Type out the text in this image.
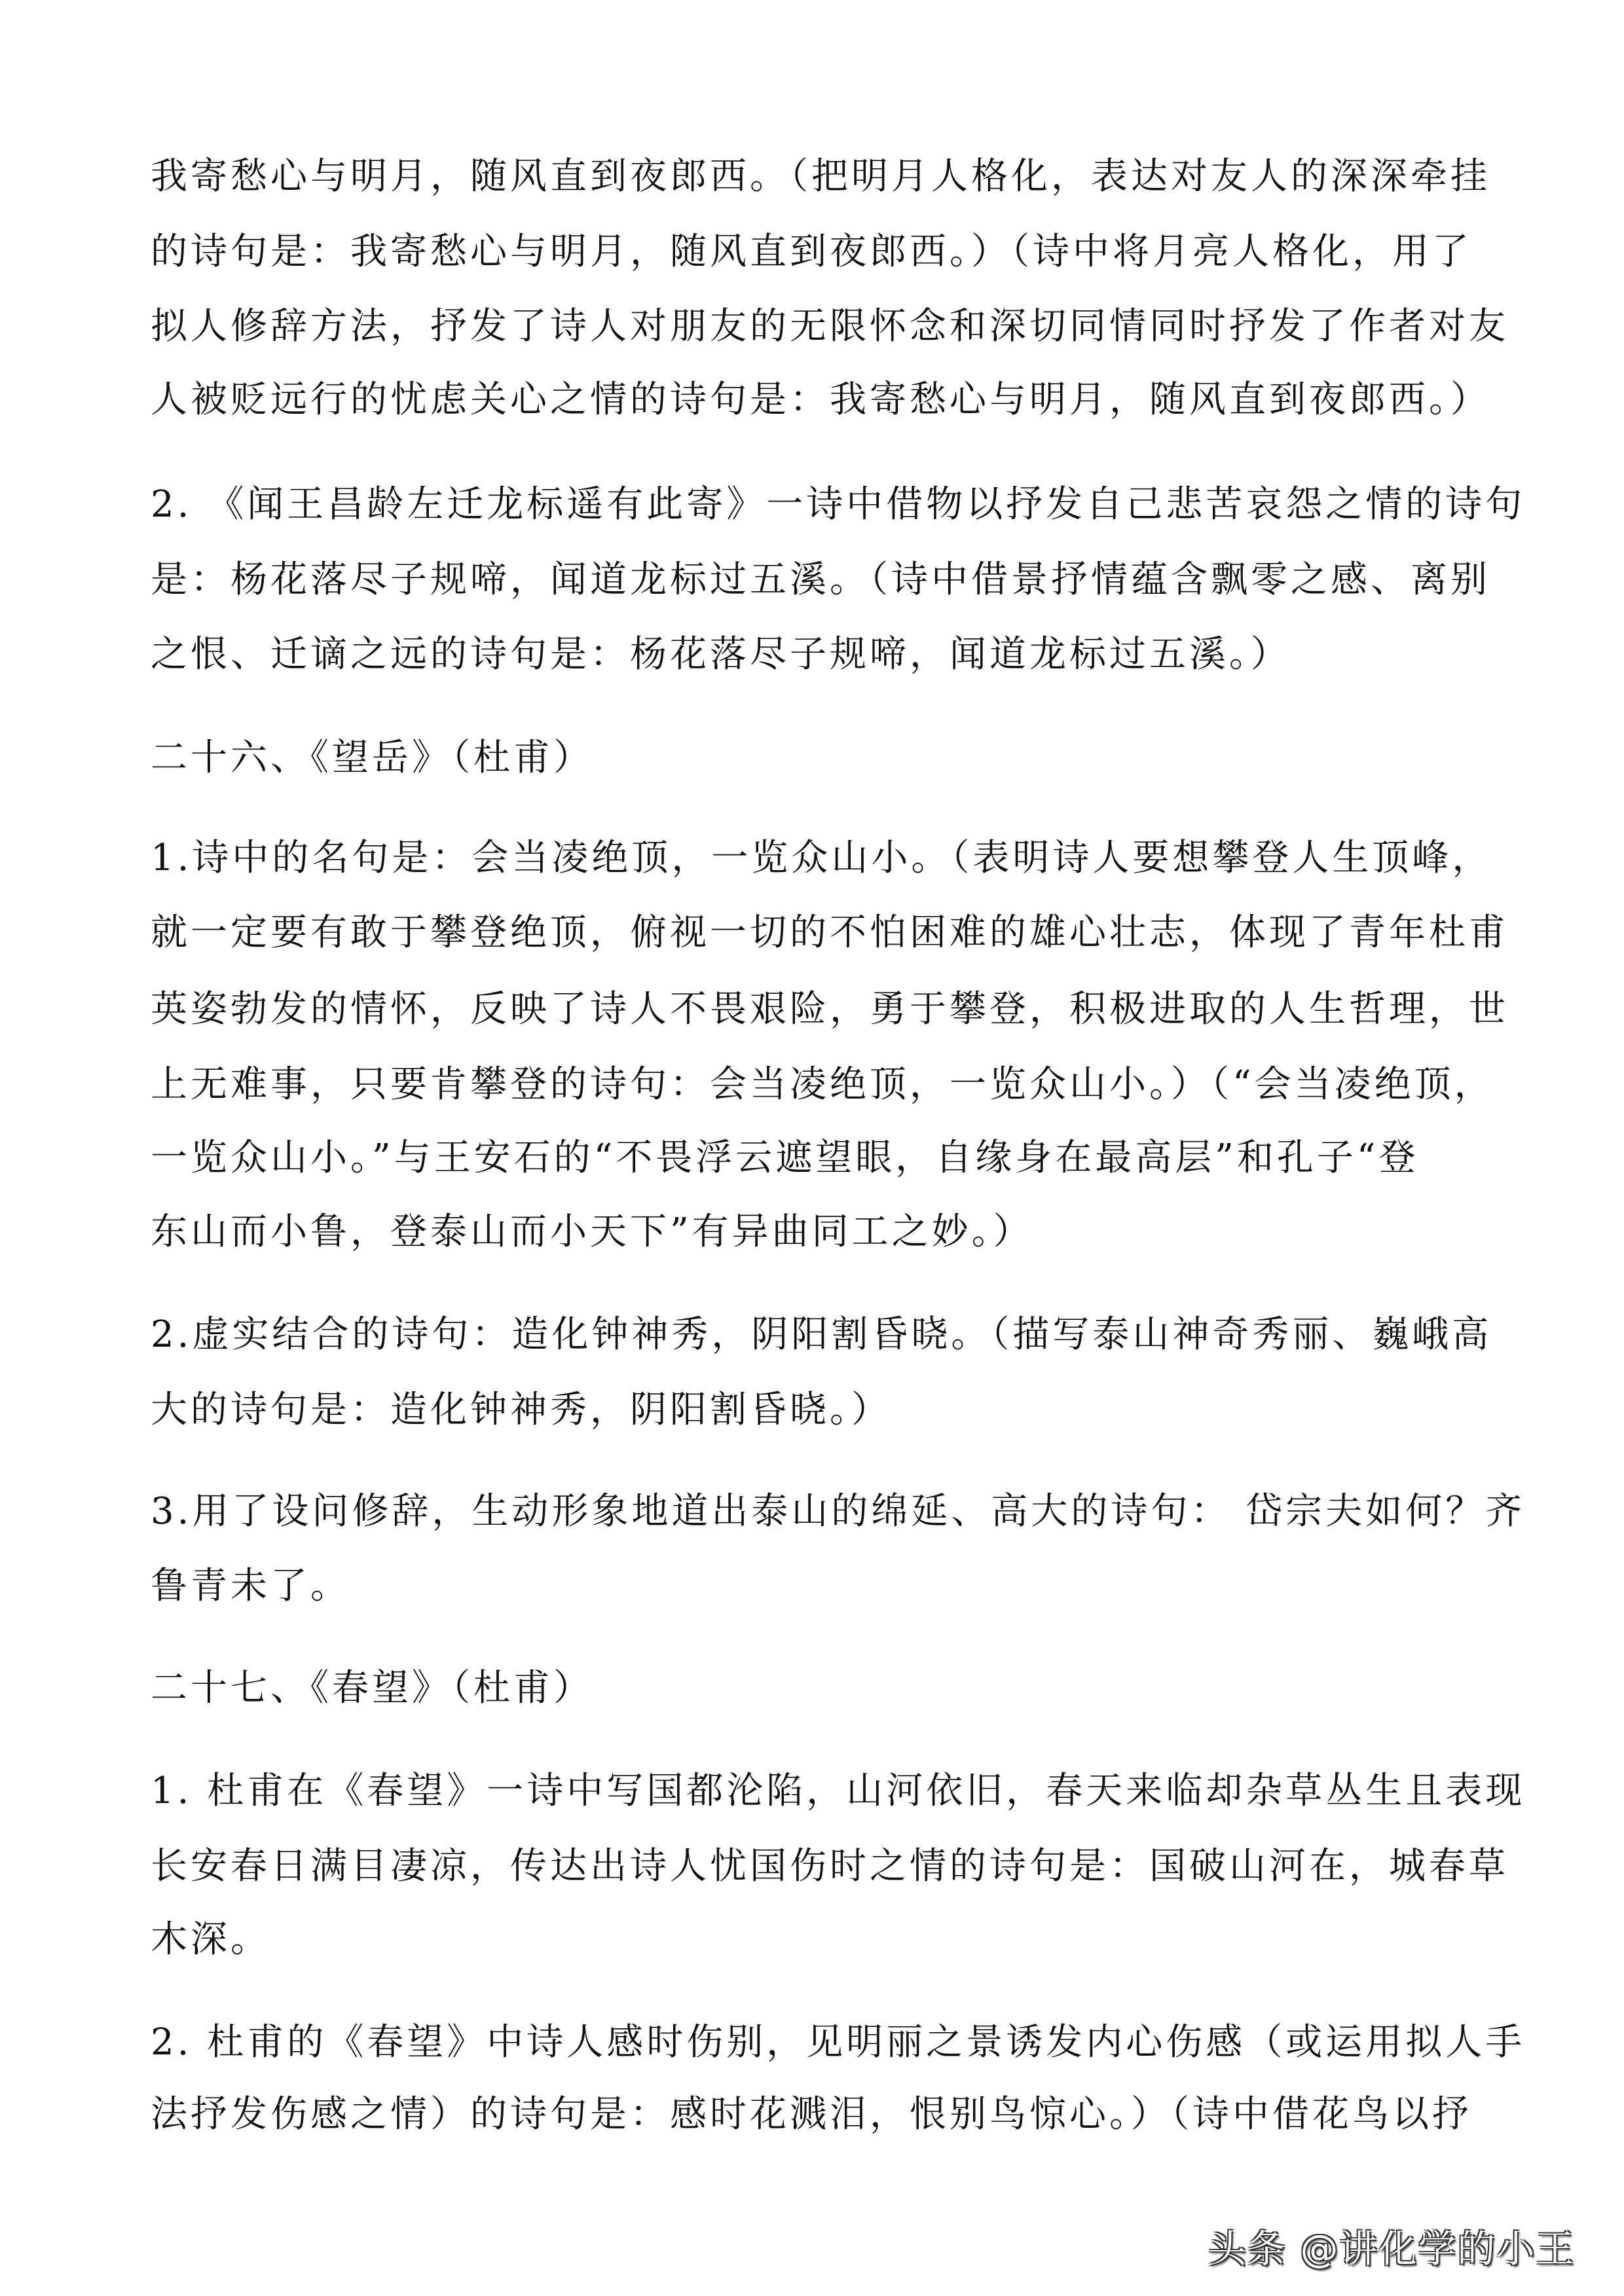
我寄愁心与明月，随风直到夜郎西。（把明月人格化，表达对友人的深深牵挂
的诗句是：我寄愁心与明月，随风直到夜郎西。）（诗中将月亮人格化，用了
拟人修辞方法，抒发了诗人对朋友的无限怀念和深切同情同时抒发了作者对友
人被贬远行的忧虑关心之情的诗句是：我寄愁心与明月，随风直到夜郎西。）
2. 《闻王昌龄左迁龙标遥有此寄》一诗中借物以抒发自己悲苦哀怨之情的诗句
是：杨花落尽子规啼，闻道龙标过五溪。（诗中借景抒情蕴含飘零之感、离别
之恨、迁谪之远的诗句是：杨花落尽子规啼，闻道龙标过五溪。）
二十六、《望岳》（杜甫）
1.诗中的名句是：会当凌绝顶，一览众山小。（表明诗人要想攀登人生顶峰，
就一定要有敢于攀登绝顶，俯视一切的不怕困难的雄心壮志，体现了青年杜甫
英姿勃发的情怀，反映了诗人不畏艰险，勇于攀登，积极进取的人生哲理，世
上无难事，只要肯攀登的诗句：会当凌绝顶，一览众山小。）（“会当凌绝顶，
一览众山小。”与王安石的“不畏浮云遮望眼，自缘身在最高层”和孔子“登
东山而小鲁，登泰山而小天下”有异曲同工之妙。）
2.虚实结合的诗句：造化钟神秀，阴阳割昏晓。（描写泰山神奇秀丽、巍峨高
大的诗句是：造化钟神秀，阴阳割昏晓。）
3.用了设问修辞，生动形象地道出泰山的绵延、高大的诗句： 岱宗夫如何？齐
鲁青未了。
二十七、《春望》（杜甫）
1. 杜甫在《春望》一诗中写国都沦陷，山河依旧，春天来临却杂草丛生且表现
长安春日满目凄凉，传达出诗人忧国伤时之情的诗句是：国破山河在，城春草
木深。
2. 杜甫的《春望》中诗人感时伤别，见明丽之景诱发内心伤感（或运用拟人手
法抒发伤感之情）的诗句是：感时花溅泪，恨别鸟惊心。）（诗中借花鸟以抒
头条 @讲化学的小王
